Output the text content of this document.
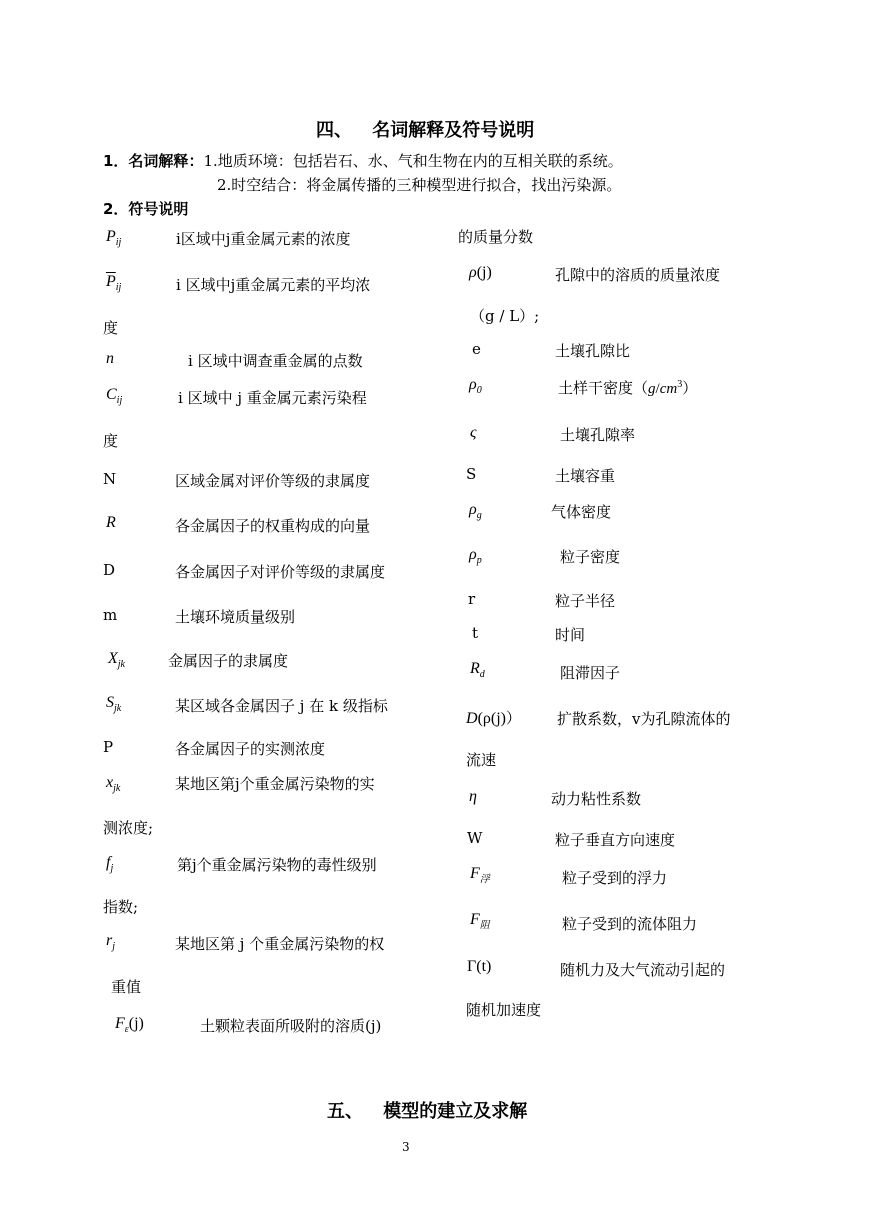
四、 名词解释及符号说明
1．名词解释：1.地质环境：包括岩石、水、气和生物在内的互相关联的系统。
2.时空结合：将金属传播的三种模型进行拟合，找出污染源。
2．符号说明
$P_{ij}$	i区域中j重金属元素的浓度
$\overline{P}_{ij}$	i 区域中j重金属元素的平均浓
度
n	i 区域中调查重金属的点数
$C_{ij}$	i 区域中 j 重金属元素污染程
度
N	区域金属对评价等级的隶属度
R	各金属因子的权重构成的向量
D	各金属因子对评价等级的隶属度
m	土壤环境质量级别
$X_{jk}$	金属因子的隶属度
$S_{jk}$	某区域各金属因子 j 在 k 级指标
P	各金属因子的实测浓度
$x_{jk}$	某地区第j个重金属污染物的实
测浓度;
$f_j$	第j个重金属污染物的毒性级别
指数;
$r_j$	某地区第 j 个重金属污染物的权
重值
$F_\varepsilon(j)$	土颗粒表面所吸附的溶质(j)
的质量分数
ρ(j)	孔隙中的溶质的质量浓度
（g / L）;
e	土壤孔隙比
$\rho_0$	土样干密度$(g/cm^3)$
ς	土壤孔隙率
S	土壤容重
$\rho_g$	气体密度
$\rho_p$	粒子密度
r	粒子半径
t	时间
$R_d$	阻滞因子
D(ρ(j)） 扩散系数，v为孔隙流体的
流速
η	动力粘性系数
W	粒子垂直方向速度
$F_浮$	粒子受到的浮力
$F_阻$	粒子受到的流体阻力
Γ(t)	随机力及大气流动引起的
随机加速度
五、 模型的建立及求解
3
